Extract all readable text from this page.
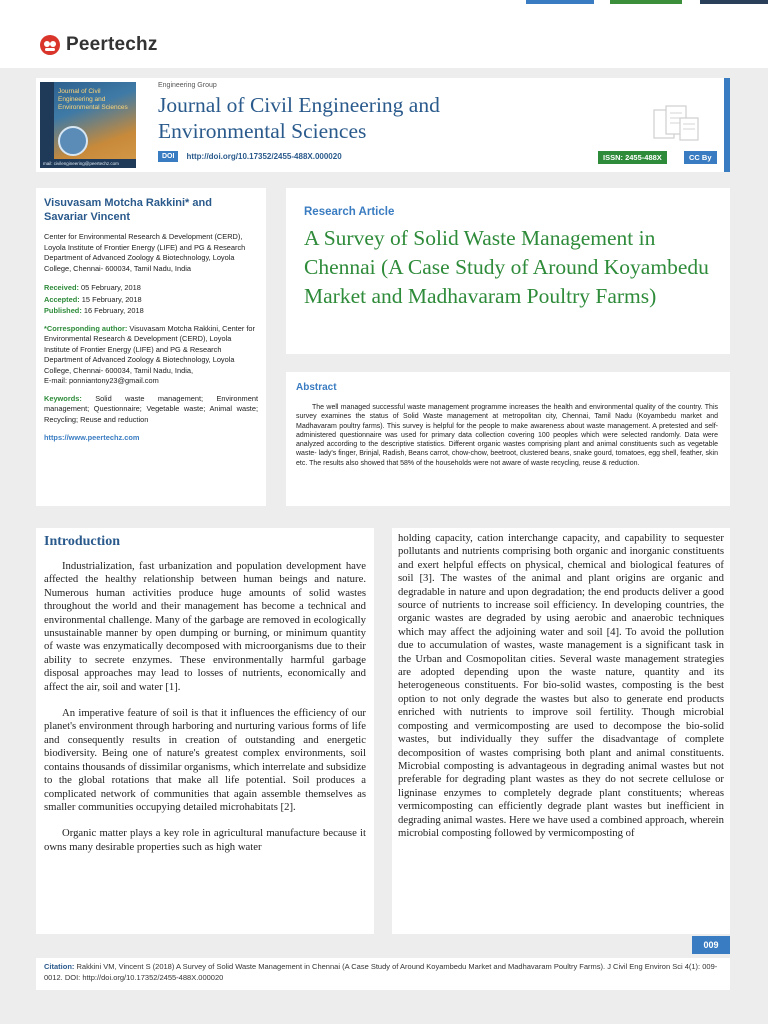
Peertechz
Journal of Civil Engineering and Environmental Sciences
mail: civilengineering@peertechz.com
Engineering Group
Journal of Civil Engineering and Environmental Sciences
DOI	http://doi.org/10.17352/2455-488X.000020	ISSN: 2455-488X	CC By
Visuvasam Motcha Rakkini* and Savariar Vincent
Center for Environmental Research & Development (CERD), Loyola Institute of Frontier Energy (LIFE) and PG & Research Department of Advanced Zoology & Biotechnology, Loyola College, Chennai- 600034, Tamil Nadu, India
Received: 05 February, 2018
Accepted: 15 February, 2018
Published: 16 February, 2018
*Corresponding author: Visuvasam Motcha Rakkini, Center for Environmental Research & Development (CERD), Loyola Institute of Frontier Energy (LIFE) and PG & Research Department of Advanced Zoology & Biotechnology, Loyola College, Chennai- 600034, Tamil Nadu, India,
E-mail: ponniantony23@gmail.com
Keywords: Solid waste management; Environment management; Questionnaire; Vegetable waste; Animal waste; Recycling; Reuse and reduction
https://www.peertechz.com
Research Article
A Survey of Solid Waste Management in Chennai (A Case Study of Around Koyambedu Market and Madhavaram Poultry Farms)
Abstract
The well managed successful waste management programme increases the health and environmental quality of the country. This survey examines the status of Solid Waste management at metropolitan city, Chennai, Tamil Nadu (Koyambedu market and Madhavaram poultry farms). This survey is helpful for the people to make awareness about waste management. A pretested and self-administered questionnaire was used for primary data collection covering 100 peoples which were selected randomly. Data were analyzed according to the descriptive statistics. Different organic wastes comprising plant and animal constituents such as vegetable waste- lady's finger, Brinjal, Radish, Beans carrot, chow-chow, beetroot, clustered beans, snake gourd, tomatoes, egg shell, feather, skin etc. The results also showed that 58% of the households were not aware of waste recycling, reuse & reduction.
Introduction

Industrialization, fast urbanization and population development have affected the healthy relationship between human beings and nature. Numerous human activities produce huge amounts of solid wastes throughout the world and their management has become a technical and environmental challenge. Many of the garbage are removed in ecologically unsustainable manner by open dumping or burning, or minimum quantity of waste was enzymatically decomposed with microorganisms due to their ability to secrete enzymes. These environmentally harmful garbage disposal approaches may lead to losses of nutrients, economically and affect the air, soil and water [1].

An imperative feature of soil is that it influences the efficiency of our planet's environment through harboring and nurturing various forms of life and consequently results in creation of outstanding and energetic biodiversity. Being one of nature's greatest complex environments, soil contains thousands of dissimilar organisms, which interrelate and subsidize to the global rotations that make all life potential. Soil produces a complicated network of communities that again assemble themselves as smaller communities occupying detailed microhabitats [2].

Organic matter plays a key role in agricultural manufacture because it owns many desirable properties such as high water

holding capacity, cation interchange capacity, and capability to sequester pollutants and nutrients comprising both organic and inorganic constituents and exert helpful effects on physical, chemical and biological features of soil [3]. The wastes of the animal and plant origins are organic and degradable in nature and upon degradation; the end products deliver a good source of nutrients to increase soil efficiency. In developing countries, the organic wastes are degraded by using aerobic and anaerobic techniques which may affect the adjoining water and soil [4]. To avoid the pollution due to accumulation of wastes, waste management is a significant task in the Urban and Cosmopolitan cities. Several waste management strategies are adopted depending upon the waste nature, quantity and its heterogeneous constituents. For bio-solid wastes, composting is the best option to not only degrade the wastes but also to generate end products enriched with nutrients to improve soil fertility. Though microbial composting and vermicomposting are used to decompose the bio-solid wastes, but individually they suffer the disadvantage of complete decomposition of wastes comprising both plant and animal constituents. Microbial composting is advantageous in degrading animal wastes but not preferable for degrading plant wastes as they do not secrete cellulose or ligninase enzymes to completely degrade plant constituents; whereas vermicomposting can efficiently degrade plant wastes but inefficient in degrading animal wastes. Here we have used a combined approach, wherein microbial composting followed by vermicomposting of

009
Citation: Rakkini VM, Vincent S (2018) A Survey of Solid Waste Management in Chennai (A Case Study of Around Koyambedu Market and Madhavaram Poultry Farms). J Civil Eng Environ Sci 4(1): 009-0012. DOI: http://doi.org/10.17352/2455-488X.000020
